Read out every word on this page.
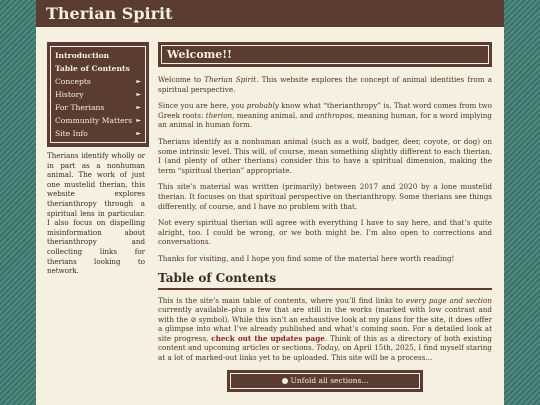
Therian Spirit
Introduction
Table of Contents
Concepts	►
History	►
For Therians	►
Community Matters ►
Site Info	►
Therians identify wholly or in part as a nonhuman animal. The work of just one mustelid therian, this website explores therianthropy through a spiritual lens in particular. I also focus on dispelling misinformation about therianthropy and collecting links for therians looking to network.
Welcome!!

Welcome to Therian Spirit. This website explores the concept of animal identities from a spiritual perspective.

Since you are here, you probably know what “therianthropy” is. That word comes from two Greek roots: therion, meaning animal, and anthropos, meaning human, for a word implying an animal in human form.

Therians identify as a nonhuman animal (such as a wolf, badger, deer, coyote, or dog) on some intrinsic level. This will, of course, mean something slightly different to each therian. I (and plenty of other therians) consider this to have a spiritual dimension, making the term “spiritual therian” appropriate.

This site’s material was written (primarily) between 2017 and 2020 by a lone mustelid therian. It focuses on that spiritual perspective on therianthropy. Some therians see things differently, of course, and I have no problem with that.

Not every spiritual therian will agree with everything I have to say here, and that’s quite alright, too. I could be wrong, or we both might be. I’m also open to corrections and conversations.

Thanks for visiting, and I hope you find some of the material here worth reading!

Table of Contents

This is the site’s main table of contents, where you’ll find links to every page and section currently available–plus a few that are still in the works (marked with low contrast and with the ⊘ symbol). While this isn’t an exhaustive look at my plans for the site, it does offer a glimpse into what I’ve already published and what’s coming soon. For a detailed look at site progress, check out the updates page. Think of this as a directory of both existing content and upcoming articles or sections. Today, on April 15th, 2025, I find myself staring at a lot of marked-out links yet to be uploaded. This site will be a process...

Unfold all sections...
